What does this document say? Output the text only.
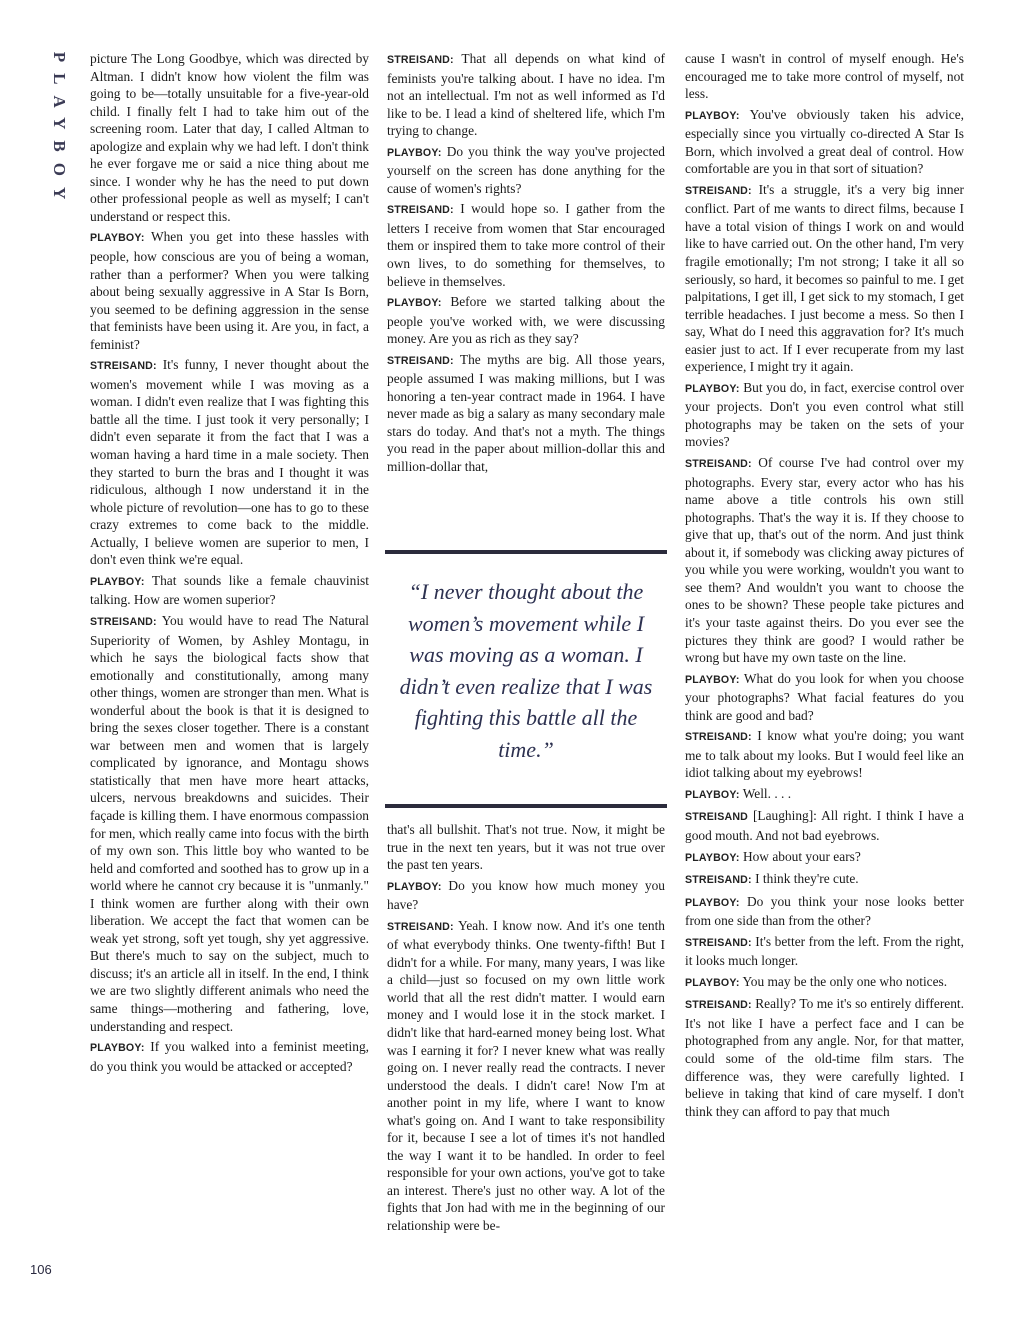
PLAYBOY picture The Long Goodbye, which was directed by Altman. I didn't know how violent the film was going to be—totally unsuitable for a five-year-old child. I finally felt I had to take him out of the screening room. Later that day, I called Altman to apologize and explain why we had left. I don't think he ever forgave me or said a nice thing about me since. I wonder why he has the need to put down other professional people as well as myself; I can't understand or respect this.

PLAYBOY: When you get into these hassles with people, how conscious are you of being a woman, rather than a performer? When you were talking about being sexually aggressive in A Star Is Born, you seemed to be defining aggression in the sense that feminists have been using it. Are you, in fact, a feminist?

STREISAND: It's funny, I never thought about the women's movement while I was moving as a woman. I didn't even realize that I was fighting this battle all the time. I just took it very personally; I didn't even separate it from the fact that I was a woman having a hard time in a male society. Then they started to burn the bras and I thought it was ridiculous, although I now understand it in the whole picture of revolution—one has to go to these crazy extremes to come back to the middle. Actually, I believe women are superior to men, I don't even think we're equal.

PLAYBOY: That sounds like a female chauvinist talking. How are women superior?

STREISAND: You would have to read The Natural Superiority of Women, by Ashley Montagu, in which he says the biological facts show that emotionally and constitutionally, among many other things, women are stronger than men. What is wonderful about the book is that it is designed to bring the sexes closer together. There is a constant war between men and women that is largely complicated by ignorance, and Montagu shows statistically that men have more heart attacks, ulcers, nervous breakdowns and suicides. Their façade is killing them. I have enormous compassion for men, which really came into focus with the birth of my own son. This little boy who wanted to be held and comforted and soothed has to grow up in a world where he cannot cry because it is "unmanly." I think women are further along with their own liberation. We accept the fact that women can be weak yet strong, soft yet tough, shy yet aggressive. But there's much to say on the subject, much to discuss; it's an article all in itself. In the end, I think we are two slightly different animals who need the same things—mothering and fathering, love, understanding and respect.

PLAYBOY: If you walked into a feminist meeting, do you think you would be attacked or accepted?

STREISAND: That all depends on what kind of feminists you're talking about. I have no idea. I'm not an intellectual. I'm not as well informed as I'd like to be. I lead a kind of sheltered life, which I'm trying to change.

PLAYBOY: Do you think the way you've projected yourself on the screen has done anything for the cause of women's rights?

STREISAND: I would hope so. I gather from the letters I receive from women that Star encouraged them or inspired them to take more control of their own lives, to do something for themselves, to believe in themselves.

PLAYBOY: Before we started talking about the people you've worked with, we were discussing money. Are you as rich as they say?

STREISAND: The myths are big. All those years, people assumed I was making millions, but I was honoring a ten-year contract made in 1964. I have never made as big a salary as many secondary male stars do today. And that's not a myth. The things you read in the paper about million-dollar this and million-dollar that,

“I never thought about the women’s movement while I was moving as a woman. I didn’t even realize that I was fighting this battle all the time.”

that's all bullshit. That's not true. Now, it might be true in the next ten years, but it was not true over the past ten years.

PLAYBOY: Do you know how much money you have?

STREISAND: Yeah. I know now. And it's one tenth of what everybody thinks. One twenty-fifth! But I didn't for a while. For many, many years, I was like a child—just so focused on my own little work world that all the rest didn't matter. I would earn money and I would lose it in the stock market. I didn't like that hard-earned money being lost. What was I earning it for? I never knew what was really going on. I never really read the contracts. I never understood the deals. I didn't care! Now I'm at another point in my life, where I want to know what's going on. And I want to take responsibility for it, because I see a lot of times it's not handled the way I want it to be handled. In order to feel responsible for your own actions, you've got to take an interest. There's just no other way. A lot of the fights that Jon had with me in the beginning of our relationship were be-

cause I wasn't in control of myself enough. He's encouraged me to take more control of myself, not less.

PLAYBOY: You've obviously taken his advice, especially since you virtually co-directed A Star Is Born, which involved a great deal of control. How comfortable are you in that sort of situation?

STREISAND: It's a struggle, it's a very big inner conflict. Part of me wants to direct films, because I have a total vision of things I work on and would like to have carried out. On the other hand, I'm very fragile emotionally; I'm not strong; I take it all so seriously, so hard, it becomes so painful to me. I get palpitations, I get ill, I get sick to my stomach, I get terrible headaches. I just become a mess. So then I say, What do I need this aggravation for? It's much easier just to act. If I ever recuperate from my last experience, I might try it again.

PLAYBOY: But you do, in fact, exercise control over your projects. Don't you even control what still photographs may be taken on the sets of your movies?

STREISAND: Of course I've had control over my photographs. Every star, every actor who has his name above a title controls his own still photographs. That's the way it is. If they choose to give that up, that's out of the norm. And just think about it, if somebody was clicking away pictures of you while you were working, wouldn't you want to see them? And wouldn't you want to choose the ones to be shown? These people take pictures and it's your taste against theirs. Do you ever see the pictures they think are good? I would rather be wrong but have my own taste on the line.

PLAYBOY: What do you look for when you choose your photographs? What facial features do you think are good and bad?

STREISAND: I know what you're doing; you want me to talk about my looks. But I would feel like an idiot talking about my eyebrows!

PLAYBOY: Well. . . .

STREISAND [Laughing]: All right. I think I have a good mouth. And not bad eyebrows.

PLAYBOY: How about your ears?

STREISAND: I think they're cute.

PLAYBOY: Do you think your nose looks better from one side than from the other?

STREISAND: It's better from the left. From the right, it looks much longer.

PLAYBOY: You may be the only one who notices.

STREISAND: Really? To me it's so entirely different. It's not like I have a perfect face and I can be photographed from any angle. Nor, for that matter, could some of the old-time film stars. The difference was, they were carefully lighted. I believe in taking that kind of care myself. I don't think they can afford to pay that much

106
